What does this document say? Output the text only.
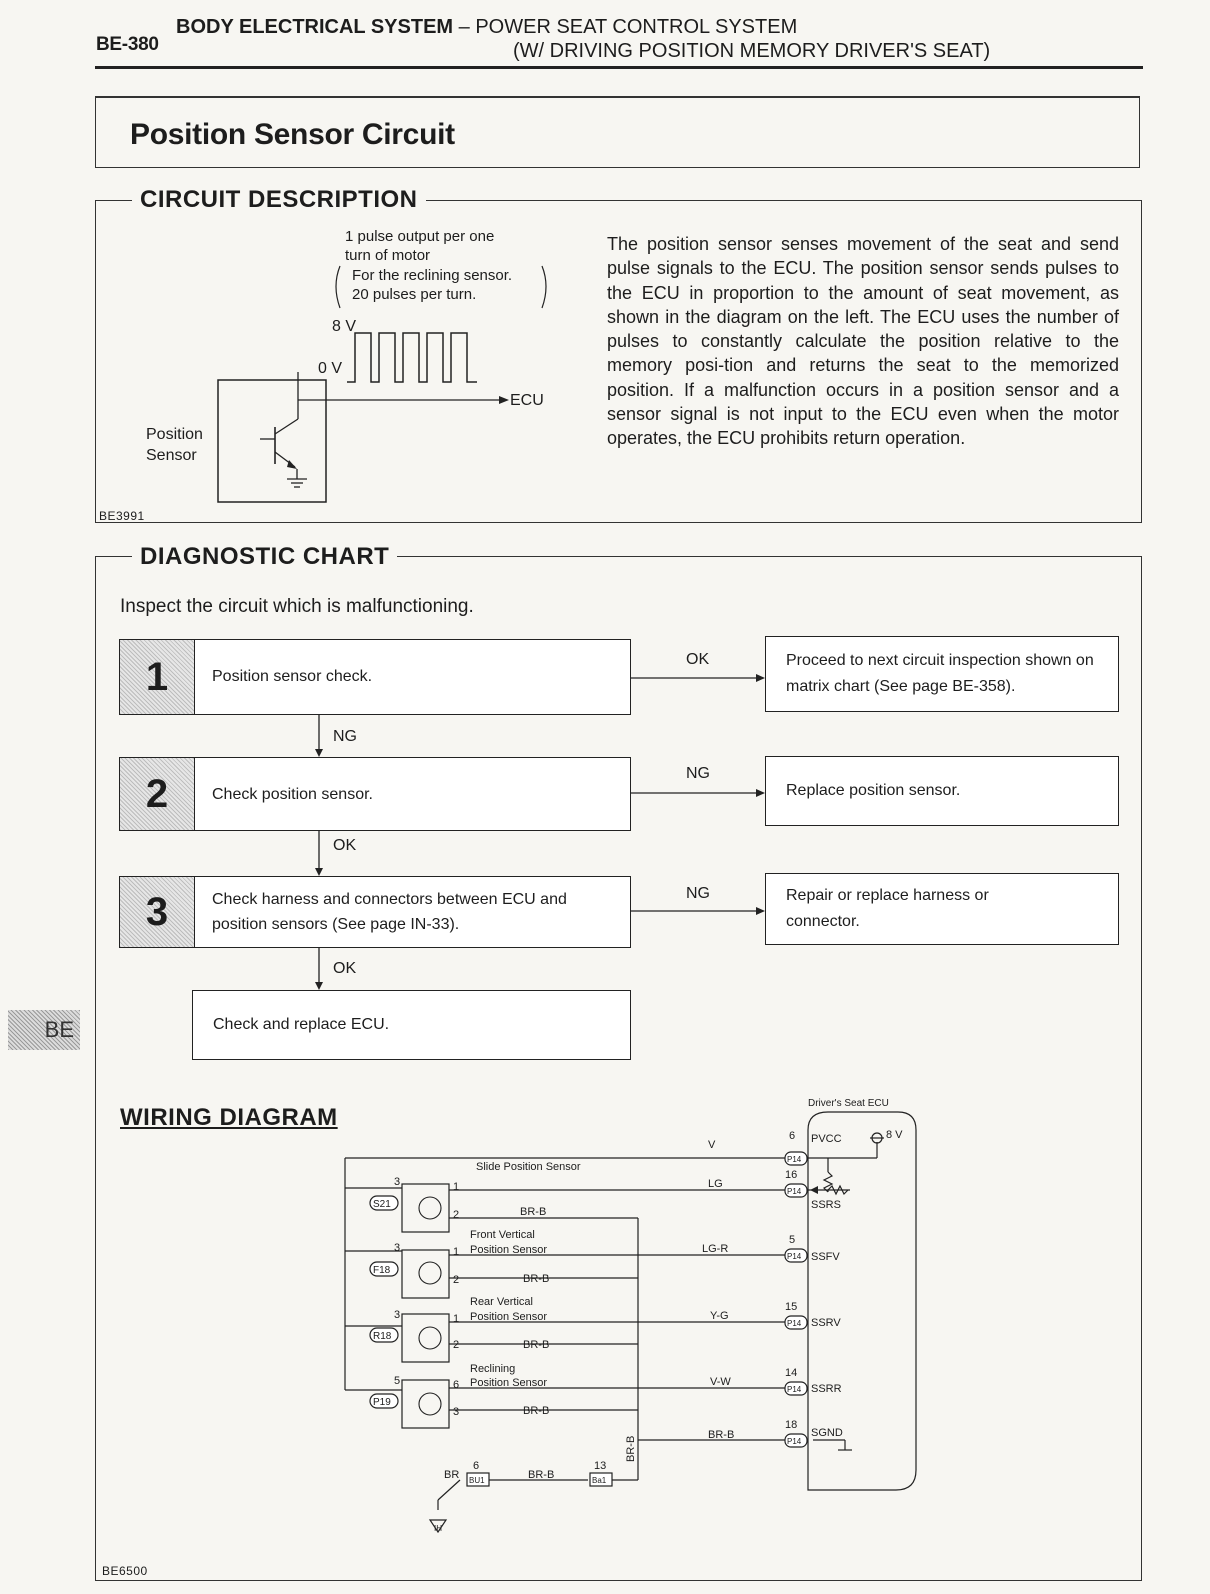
BE-380
BODY ELECTRICAL SYSTEM – POWER SEAT CONTROL SYSTEM
(W/ DRIVING POSITION MEMORY DRIVER'S SEAT)
Position Sensor Circuit
BE
CIRCUIT DESCRIPTION
1 pulse output per one
turn of motor
For the reclining sensor.
20 pulses per turn.
8 V
0 V
ECU
Position
Sensor
BE3991
The position sensor senses movement of the seat and send pulse signals to the ECU. The position sensor sends pulses to the ECU in proportion to the amount of seat movement, as shown in the diagram on the left. The ECU uses the number of pulses to constantly calculate the position relative to the memory posi-tion and returns the seat to the memorized position. If a malfunction occurs in a position sensor and a sensor signal is not input to the ECU even when the motor operates, the ECU prohibits return operation.
DIAGNOSTIC CHART
Inspect the circuit which is malfunctioning.
1	Position sensor check.
Proceed to next circuit inspection shown on matrix chart (See page BE-358).
OK
NG
2	Check position sensor.	Replace position sensor.
NG
OK
3	Check harness and connectors between ECU and position sensors (See page IN-33).
Repair or replace harness or connector.
NG
OK
Check and replace ECU.
WIRING DIAGRAM
Slide Position Sensor
Front Vertical
Position Sensor
Rear Vertical
Position Sensor
Reclining
Position Sensor
S21
F18
R18
P19
3	1
2
3	1
2
3	1
2
5	6
3
BR-B
BR-B
BR-B
BR-B
V
LG
LG-R
Y-G
V-W
BR-B
6
16
5
15
14
18
PVCC
SSRS
SSFV
SSRV
SSRR
SGND
Driver's Seat ECU
8 V
P14
P14
P14
P14
P14
P14
Ba1
BU1
IH
13
6
BR-B
BR
BR-B
BE6500
